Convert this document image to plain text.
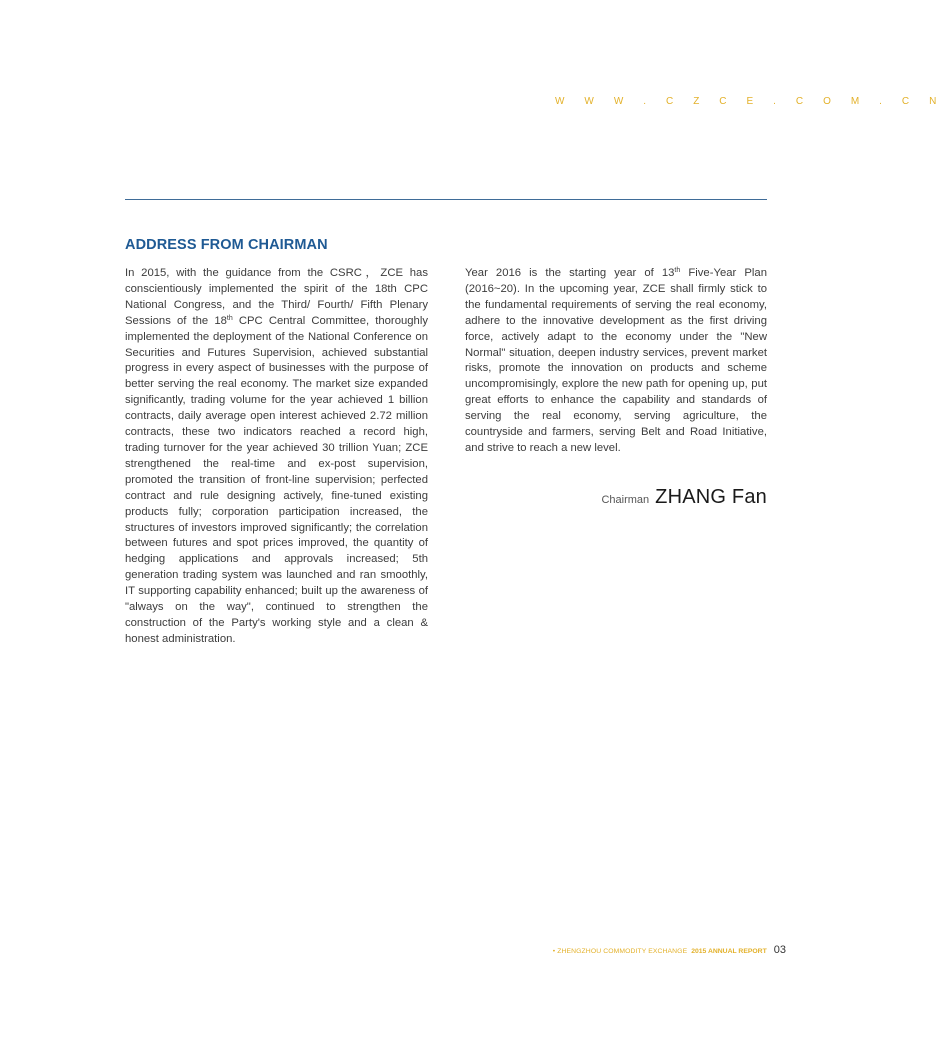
W W W . C Z C E . C O M . C N
ADDRESS FROM CHAIRMAN

In 2015, with the guidance from the CSRC，ZCE has conscientiously implemented the spirit of the 18th CPC National Congress, and the Third/ Fourth/ Fifth Plenary Sessions of the 18th CPC Central Committee, thoroughly implemented the deployment of the National Conference on Securities and Futures Supervision, achieved substantial progress in every aspect of businesses with the purpose of better serving the real economy. The market size expanded significantly, trading volume for the year achieved 1 billion contracts, daily average open interest achieved 2.72 million contracts, these two indicators reached a record high, trading turnover for the year achieved 30 trillion Yuan; ZCE strengthened the real-time and ex-post supervision, promoted the transition of front-line supervision; perfected contract and rule designing actively, fine-tuned existing products fully; corporation participation increased, the structures of investors improved significantly; the correlation between futures and spot prices improved, the quantity of hedging applications and approvals increased; 5th generation trading system was launched and ran smoothly, IT supporting capability enhanced; built up the awareness of "always on the way", continued to strengthen the construction of the Party's working style and a clean & honest administration.

Year 2016 is the starting year of 13th Five-Year Plan (2016~20). In the upcoming year, ZCE shall firmly stick to the fundamental requirements of serving the real economy, adhere to the innovative development as the first driving force, actively adapt to the economy under the "New Normal" situation, deepen industry services, prevent market risks, promote the innovation on products and scheme uncompromisingly, explore the new path for opening up, put great efforts to enhance the capability and standards of serving the real economy, serving agriculture, the countryside and farmers, serving Belt and Road Initiative, and strive to reach a new level.

Chairman ZHANG Fan
• ZHENGZHOU COMMODITY EXCHANGE 2015 ANNUAL REPORT 03
